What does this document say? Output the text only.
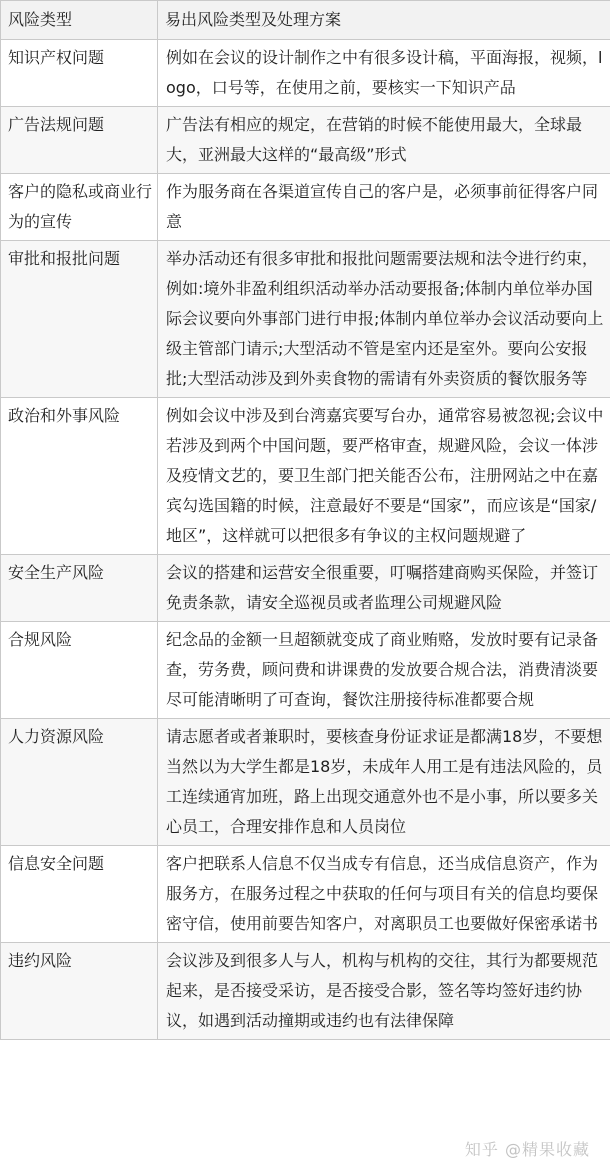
风险类型	易出风险类型及处理方案
知识产权问题	例如在会议的设计制作之中有很多设计稿，平面海报，视频，logo，口号等，在使用之前，要核实一下知识产品
广告法规问题	广告法有相应的规定，在营销的时候不能使用最大，全球最大，亚洲最大这样的“最高级”形式
客户的隐私或商业行为的宣传	作为服务商在各渠道宣传自己的客户是，必须事前征得客户同意
审批和报批问题	举办活动还有很多审批和报批问题需要法规和法令进行约束，例如:境外非盈利组织活动举办活动要报备;体制内单位举办国际会议要向外事部门进行申报;体制内单位举办会议活动要向上级主管部门请示;大型活动不管是室内还是室外。要向公安报批;大型活动涉及到外卖食物的需请有外卖资质的餐饮服务等
政治和外事风险	例如会议中涉及到台湾嘉宾要写台办，通常容易被忽视;会议中若涉及到两个中国问题，要严格审查，规避风险，会议一体涉及疫情文艺的，要卫生部门把关能否公布，注册网站之中在嘉宾勾选国籍的时候，注意最好不要是“国家”，而应该是“国家/地区”，这样就可以把很多有争议的主权问题规避了
安全生产风险	会议的搭建和运营安全很重要，叮嘱搭建商购买保险，并签订免责条款，请安全巡视员或者监理公司规避风险
合规风险	纪念品的金额一旦超额就变成了商业贿赂，发放时要有记录备查，劳务费，顾问费和讲课费的发放要合规合法，消费清淡要尽可能清晰明了可查询，餐饮注册接待标准都要合规
人力资源风险	请志愿者或者兼职时，要核查身份证求证是都满18岁，不要想当然以为大学生都是18岁，未成年人用工是有违法风险的，员工连续通宵加班，路上出现交通意外也不是小事，所以要多关心员工，合理安排作息和人员岗位
信息安全问题	客户把联系人信息不仅当成专有信息，还当成信息资产，作为服务方，在服务过程之中获取的任何与项目有关的信息均要保密守信，使用前要告知客户，对离职员工也要做好保密承诺书
违约风险	会议涉及到很多人与人，机构与机构的交往，其行为都要规范起来，是否接受采访，是否接受合影，签名等均签好违约协议，如遇到活动撞期或违约也有法律保障
知乎 @精果收藏
